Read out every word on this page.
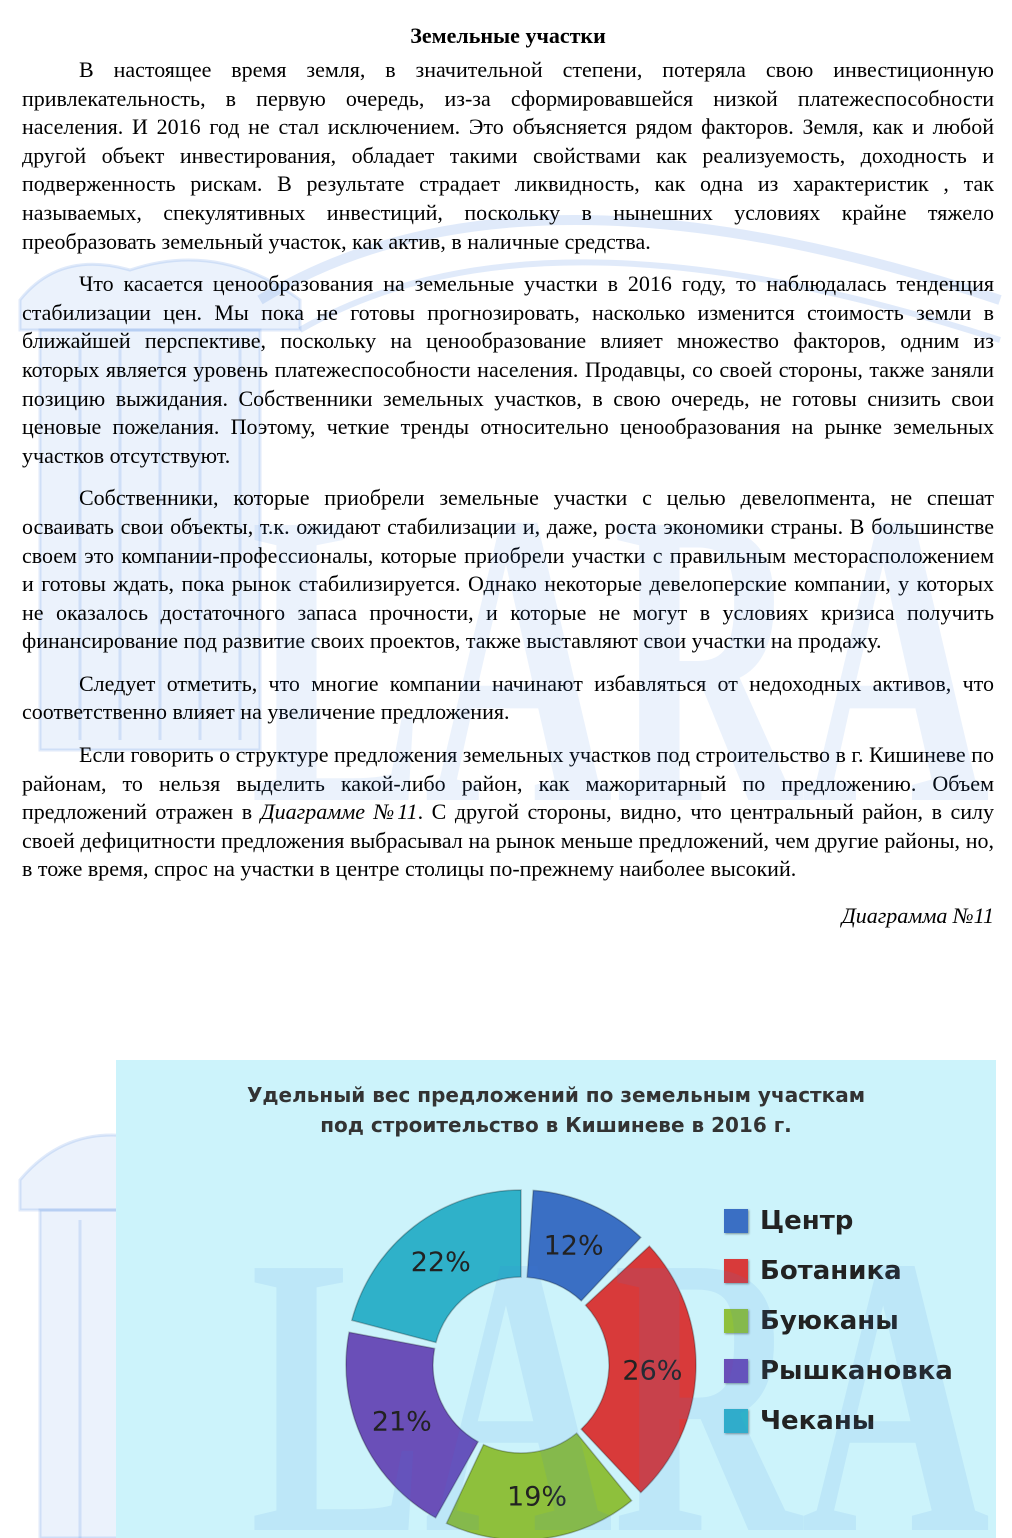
Земельные участки

В настоящее время земля, в значительной степени, потеряла свою инвестиционную привлекательность, в первую очередь, из-за сформировавшейся низкой платежеспособности населения. И 2016 год не стал исключением. Это объясняется рядом факторов. Земля, как и любой другой объект инвестирования, обладает такими свойствами как реализуемость, доходность и подверженность рискам. В результате страдает ликвидность, как одна из характеристик , так называемых, спекулятивных инвестиций, поскольку в нынешних условиях крайне тяжело преобразовать земельный участок, как актив, в наличные средства.

Что касается ценообразования на земельные участки в 2016 году, то наблюдалась тенденция стабилизации цен. Мы пока не готовы прогнозировать, насколько изменится стоимость земли в ближайшей перспективе, поскольку на ценообразование влияет множество факторов, одним из которых является уровень платежеспособности населения. Продавцы, со своей стороны, также заняли позицию выжидания. Собственники земельных участков, в свою очередь, не готовы снизить свои ценовые пожелания. Поэтому, четкие тренды относительно ценообразования на рынке земельных участков отсутствуют.

Собственники, которые приобрели земельные участки с целью девелопмента, не спешат осваивать свои объекты, т.к. ожидают стабилизации и, даже, роста экономики страны. В большинстве своем это компании-профессионалы, которые приобрели участки с правильным месторасположением и готовы ждать, пока рынок стабилизируется. Однако некоторые девелоперские компании, у которых не оказалось достаточного запаса прочности, и которые не могут в условиях кризиса получить финансирование под развитие своих проектов, также выставляют свои участки на продажу.

Следует отметить, что многие компании начинают избавляться от недоходных активов, что соответственно влияет на увеличение предложения.

Если говорить о структуре предложения земельных участков под строительство в г. Кишиневе по районам, то нельзя выделить какой-либо район, как мажоритарный по предложению. Объем предложений отражен в Диаграмме №11. С другой стороны, видно, что центральный район, в силу своей дефицитности предложения выбрасывал на рынок меньше предложений, чем другие районы, но, в тоже время, спрос на участки в центре столицы по-прежнему наиболее высокий.

Диаграмма №11
Удельный вес предложений по земельным участкам
под строительство в Кишиневе в 2016 г.
12%
26%
19%
21%
22%
Центр
Ботаника
Буюканы
Рышкановка
Чеканы
LARA
